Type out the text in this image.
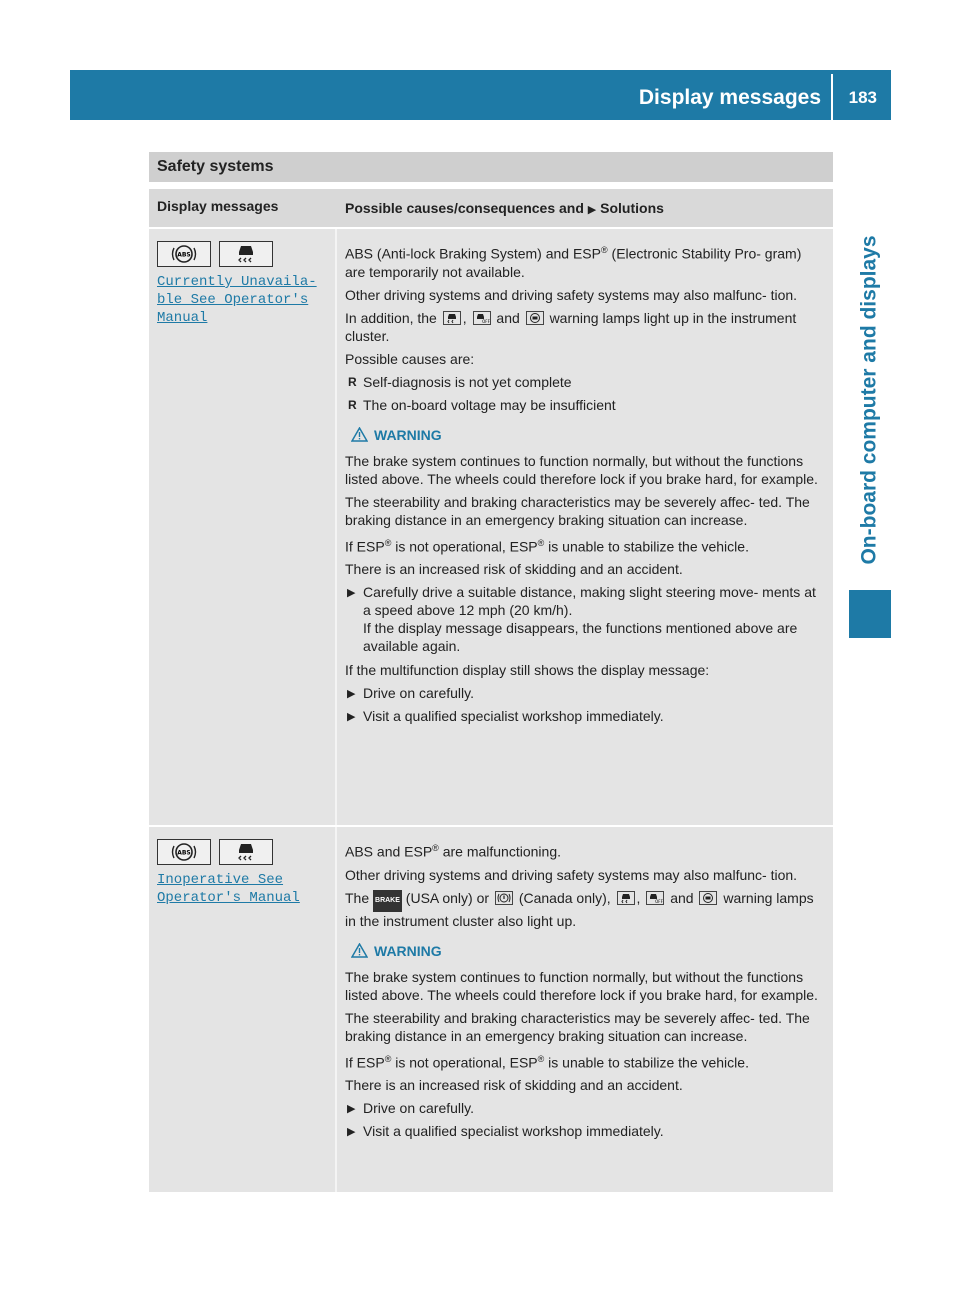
Display messages 183
On-board computer and displays
Safety systems
Display messages	Possible causes/consequences and ▶ Solutions
ABS
Currently Unavaila‐ ble See Operator's Manual

ABS (Anti-lock Braking System) and ESP® (Electronic Stability Pro- gram) are temporarily not available.

Other driving systems and driving safety systems may also malfunc- tion.

In addition, the ,	OFF and warning lamps light up in the instrument cluster.

Possible causes are:

R Self-diagnosis is not yet complete

R The on-board voltage may be insufficient

WARNING

The brake system continues to function normally, but without the functions listed above. The wheels could therefore lock if you brake hard, for example.

The steerability and braking characteristics may be severely affec- ted. The braking distance in an emergency braking situation can increase.

If ESP® is not operational, ESP® is unable to stabilize the vehicle.

There is an increased risk of skidding and an accident.

▶ Carefully drive a suitable distance, making slight steering move- ments at a speed above 12 mph (20 km/h).
If the display message disappears, the functions mentioned above are available again.

If the multifunction display still shows the display message:

▶ Drive on carefully.

▶ Visit a qualified specialist workshop immediately.

ABS
Inoperative See Operator's Manual

ABS and ESP® are malfunctioning.

Other driving systems and driving safety systems may also malfunc- tion.

The BRAKE (USA only) or (Canada only), ,	OFF and warning lamps in the instrument cluster also light up.

WARNING

The brake system continues to function normally, but without the functions listed above. The wheels could therefore lock if you brake hard, for example.

The steerability and braking characteristics may be severely affec- ted. The braking distance in an emergency braking situation can increase.

If ESP® is not operational, ESP® is unable to stabilize the vehicle.

There is an increased risk of skidding and an accident.

▶ Drive on carefully.

▶ Visit a qualified specialist workshop immediately.
